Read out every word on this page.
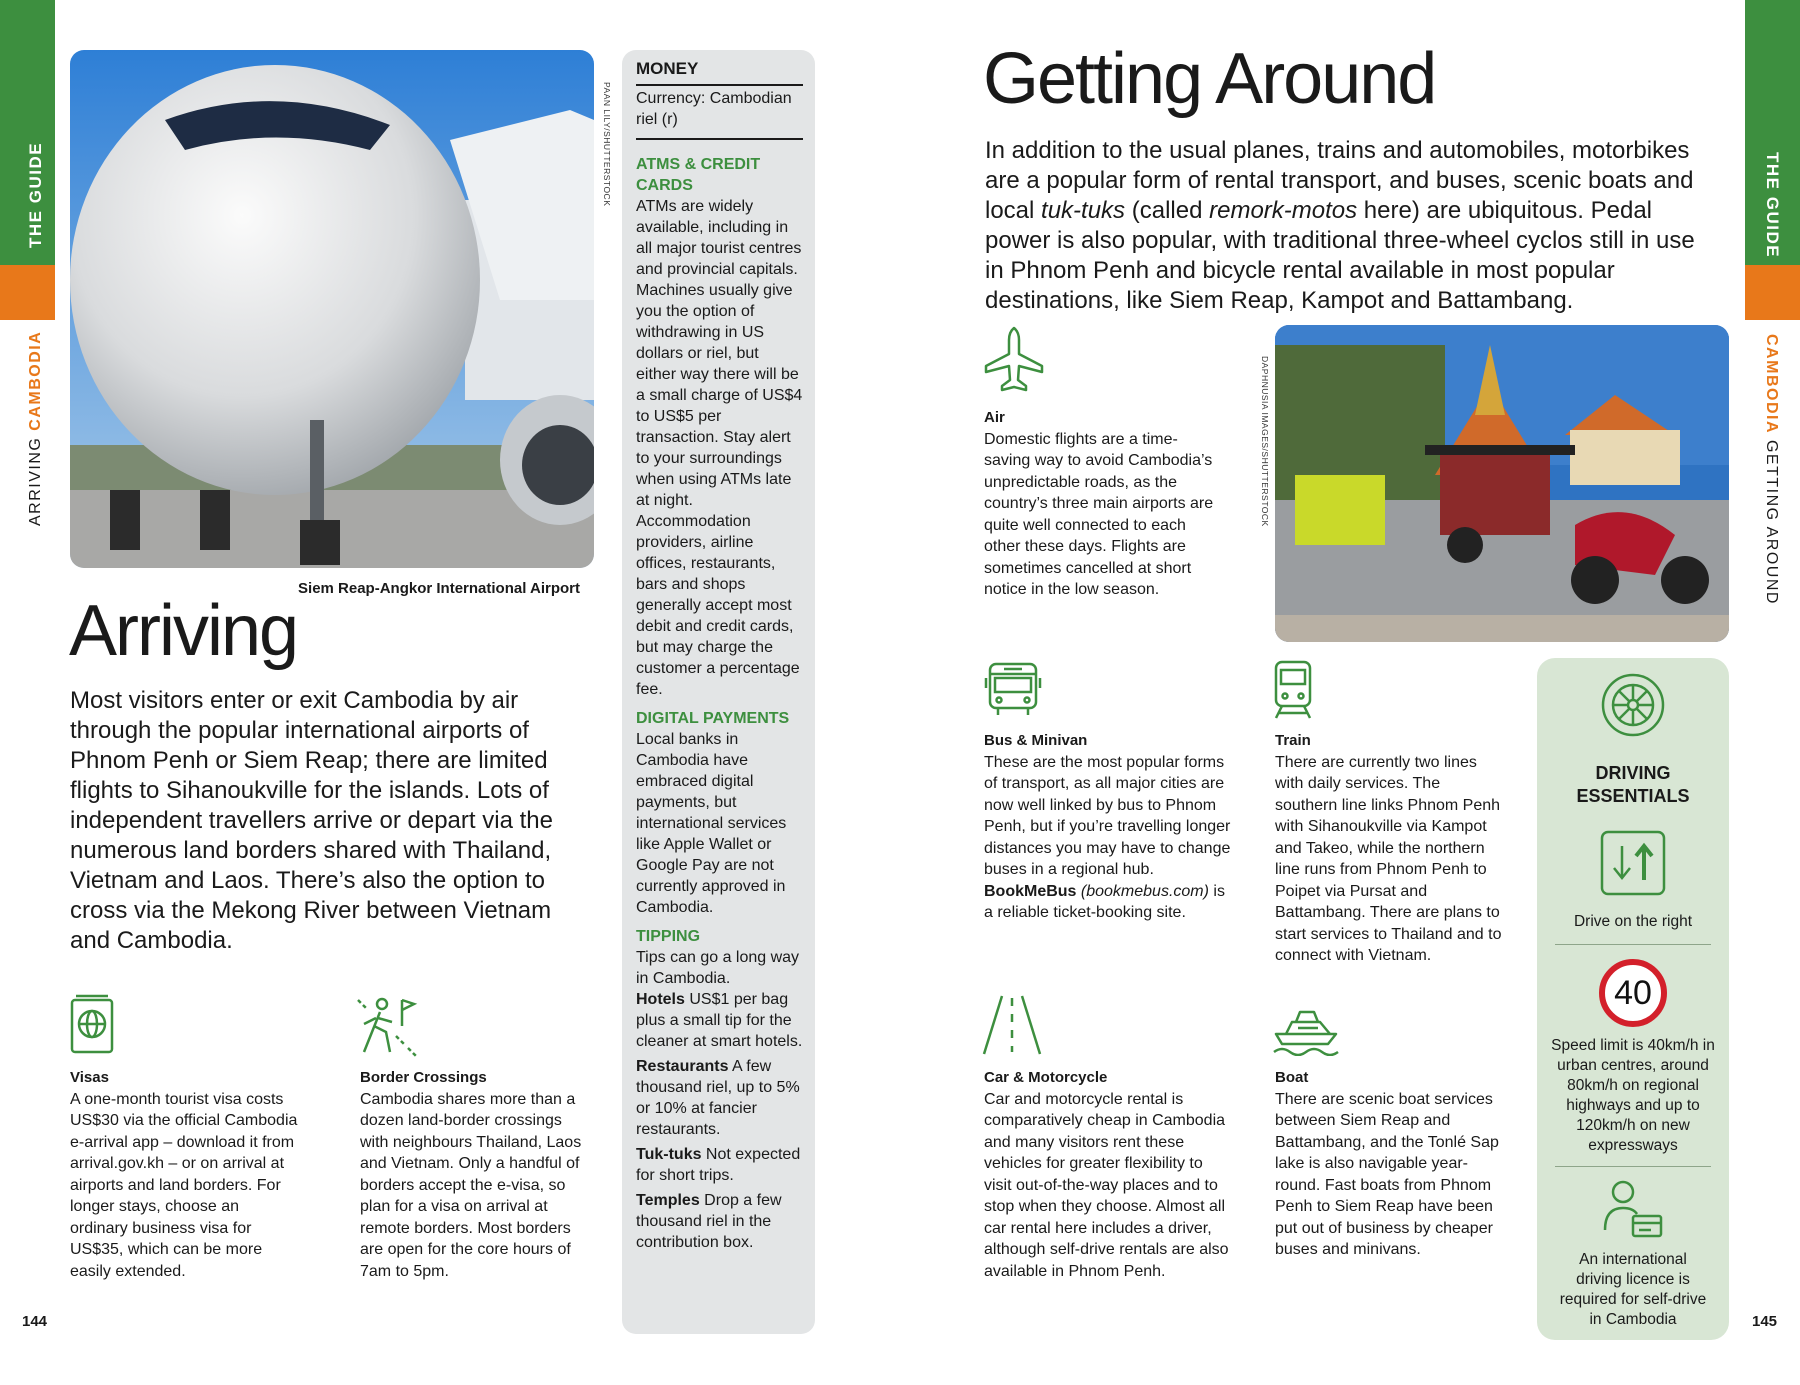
THE GUIDE
ARRIVING CAMBODIA
144
PAAN LILY/SHUTTERSTOCK
Siem Reap-Angkor International Airport
Arriving
Most visitors enter or exit Cambodia by air through the popular international airports of Phnom Penh or Siem Reap; there are limited flights to Sihanoukville for the islands. Lots of independent travellers arrive or depart via the numerous land borders shared with Thailand, Vietnam and Laos. There’s also the option to cross via the Mekong River between Vietnam and Cambodia.
Visas
A one-month tourist visa costs US$30 via the official Cambodia e-arrival app – download it from arrival.gov.kh – or on arrival at airports and land borders. For longer stays, choose an ordinary business visa for US$35, which can be more easily extended.
Border Crossings
Cambodia shares more than a dozen land-border crossings with neighbours Thailand, Laos and Vietnam. Only a handful of borders accept the e-visa, so plan for a visa on arrival at remote borders. Most borders are open for the core hours of 7am to 5pm.
MONEY
Currency: Cambodian riel (r)
ATMS & CREDIT CARDS
ATMs are widely available, including in all major tourist centres and provincial capitals. Machines usually give you the option of withdrawing in US dollars or riel, but either way there will be a small charge of US$4 to US$5 per transaction. Stay alert to your surroundings when using ATMs late at night. Accommodation providers, airline offices, restaurants, bars and shops generally accept most debit and credit cards, but may charge the customer a percentage fee.
DIGITAL PAYMENTS
Local banks in Cambodia have embraced digital payments, but international services like Apple Wallet or Google Pay are not currently approved in Cambodia.
TIPPING
Tips can go a long way in Cambodia.
Hotels US$1 per bag plus a small tip for the cleaner at smart hotels.
Restaurants A few thousand riel, up to 5% or 10% at fancier restaurants.
Tuk-tuks Not expected for short trips.
Temples Drop a few thousand riel in the contribution box.
THE GUIDE
CAMBODIA GETTING AROUND
145
Getting Around
In addition to the usual planes, trains and automobiles, motorbikes are a popular form of rental transport, and buses, scenic boats and local tuk-tuks (called remork-motos here) are ubiquitous. Pedal power is also popular, with traditional three-wheel cyclos still in use in Phnom Penh and bicycle rental available in most popular destinations, like Siem Reap, Kampot and Battambang.
DAPHNUSIA IMAGES/SHUTTERSTOCK
Air
Domestic flights are a time-saving way to avoid Cambodia’s unpredictable roads, as the country’s three main airports are quite well connected to each other these days. Flights are sometimes cancelled at short notice in the low season.
Bus & Minivan
These are the most popular forms of transport, as all major cities are now well linked by bus to Phnom Penh, but if you’re travelling longer distances you may have to change buses in a regional hub. BookMeBus (bookmebus.com) is a reliable ticket-booking site.
Train
There are currently two lines with daily services. The southern line links Phnom Penh with Sihanoukville via Kampot and Takeo, while the northern line runs from Phnom Penh to Poipet via Pursat and Battambang. There are plans to start services to Thailand and to connect with Vietnam.
Car & Motorcycle
Car and motorcycle rental is comparatively cheap in Cambodia and many visitors rent these vehicles for greater flexibility to visit out-of-the-way places and to stop when they choose. Almost all car rental here includes a driver, although self-drive rentals are also available in Phnom Penh.
Boat
There are scenic boat services between Siem Reap and Battambang, and the Tonlé Sap lake is also navigable year-round. Fast boats from Phnom Penh to Siem Reap have been put out of business by cheaper buses and minivans.
DRIVING ESSENTIALS
Drive on the right
40
Speed limit is 40km/h in urban centres, around 80km/h on regional highways and up to 120km/h on new expressways
An international driving licence is required for self-drive in Cambodia
